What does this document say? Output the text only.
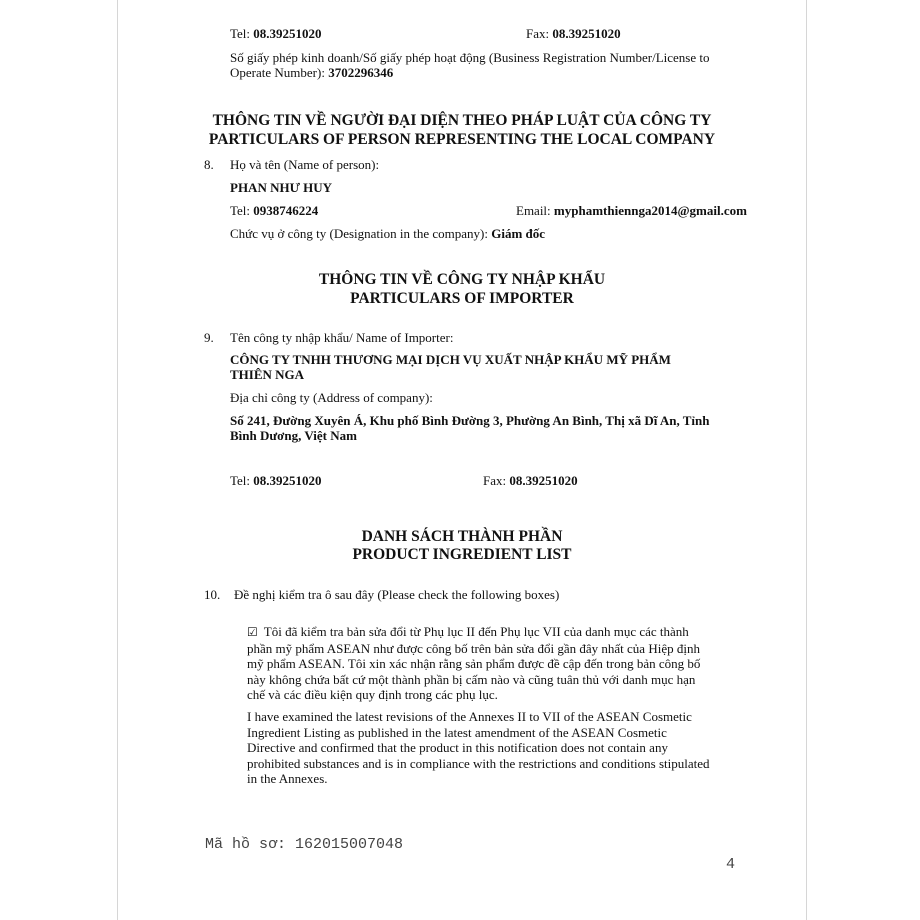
Tel: 08.39251020	Fax: 08.39251020
Số giấy phép kinh doanh/Số giấy phép hoạt động (Business Registration Number/License to
Operate Number): 3702296346
THÔNG TIN VỀ NGƯỜI ĐẠI DIỆN THEO PHÁP LUẬT CỦA CÔNG TY
PARTICULARS OF PERSON REPRESENTING THE LOCAL COMPANY
8. Họ và tên (Name of person):
PHAN NHƯ HUY
Tel: 0938746224	Email: myphamthiennga2014@gmail.com
Chức vụ ở công ty (Designation in the company): Giám đốc
THÔNG TIN VỀ CÔNG TY NHẬP KHẨU
PARTICULARS OF IMPORTER
9. Tên công ty nhập khẩu/ Name of Importer:
CÔNG TY TNHH THƯƠNG MẠI DỊCH VỤ XUẤT NHẬP KHẨU MỸ PHẨM
THIÊN NGA
Địa chỉ công ty (Address of company):
Số 241, Đường Xuyên Á, Khu phố Bình Đường 3, Phường An Bình, Thị xã Dĩ An, Tỉnh
Bình Dương, Việt Nam
Tel: 08.39251020	Fax: 08.39251020
DANH SÁCH THÀNH PHẦN
PRODUCT INGREDIENT LIST
10. Đề nghị kiểm tra ô sau đây (Please check the following boxes)
☑ Tôi đã kiểm tra bản sửa đổi từ Phụ lục II đến Phụ lục VII của danh mục các thành
phần mỹ phẩm ASEAN như được công bố trên bản sửa đổi gần đây nhất của Hiệp định
mỹ phẩm ASEAN. Tôi xin xác nhận rằng sản phẩm được đề cập đến trong bản công bố
này không chứa bất cứ một thành phần bị cấm nào và cũng tuân thủ với danh mục hạn
chế và các điều kiện quy định trong các phụ lục.
I have examined the latest revisions of the Annexes II to VII of the ASEAN Cosmetic
Ingredient Listing as published in the latest amendment of the ASEAN Cosmetic
Directive and confirmed that the product in this notification does not contain any
prohibited substances and is in compliance with the restrictions and conditions stipulated
in the Annexes.
Mã hồ sơ: 162015007048
4
